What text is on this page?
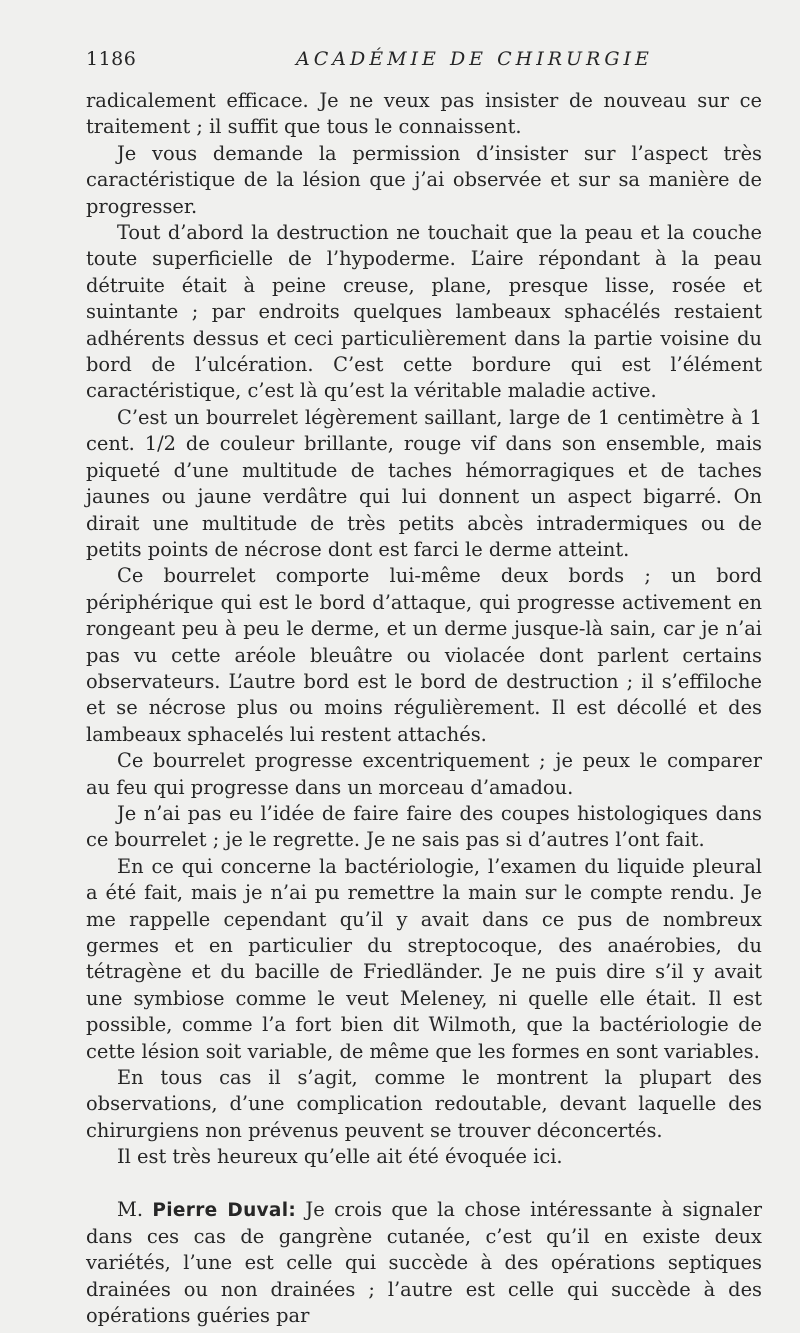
1186	ACADÉMIE DE CHIRURGIE

radicalement efficace. Je ne veux pas insister de nouveau sur ce traitement ; il suffit que tous le connaissent.

Je vous demande la permission d’insister sur l’aspect très caractéristique de la lésion que j’ai observée et sur sa manière de progresser.

Tout d’abord la destruction ne touchait que la peau et la couche toute superficielle de l’hypoderme. L’aire répondant à la peau détruite était à peine creuse, plane, presque lisse, rosée et suintante ; par endroits quelques lambeaux sphacélés restaient adhérents dessus et ceci particulièrement dans la partie voisine du bord de l’ulcération. C’est cette bordure qui est l’élément caractéristique, c’est là qu’est la véritable maladie active.

C’est un bourrelet légèrement saillant, large de 1 centimètre à 1 cent. 1/2 de couleur brillante, rouge vif dans son ensemble, mais piqueté d’une multitude de taches hémorragiques et de taches jaunes ou jaune verdâtre qui lui donnent un aspect bigarré. On dirait une multitude de très petits abcès intradermiques ou de petits points de nécrose dont est farci le derme atteint.

Ce bourrelet comporte lui-même deux bords ; un bord périphérique qui est le bord d’attaque, qui progresse activement en rongeant peu à peu le derme, et un derme jusque-là sain, car je n’ai pas vu cette aréole bleuâtre ou violacée dont parlent certains observateurs. L’autre bord est le bord de destruction ; il s’effiloche et se nécrose plus ou moins régulièrement. Il est décollé et des lambeaux sphacelés lui restent attachés.

Ce bourrelet progresse excentriquement ; je peux le comparer au feu qui progresse dans un morceau d’amadou.

Je n’ai pas eu l’idée de faire faire des coupes histologiques dans ce bourrelet ; je le regrette. Je ne sais pas si d’autres l’ont fait.

En ce qui concerne la bactériologie, l’examen du liquide pleural a été fait, mais je n’ai pu remettre la main sur le compte rendu. Je me rappelle cependant qu’il y avait dans ce pus de nombreux germes et en particulier du streptocoque, des anaérobies, du tétragène et du bacille de Friedländer. Je ne puis dire s’il y avait une symbiose comme le veut Meleney, ni quelle elle était. Il est possible, comme l’a fort bien dit Wilmoth, que la bactériologie de cette lésion soit variable, de même que les formes en sont variables.

En tous cas il s’agit, comme le montrent la plupart des observations, d’une complication redoutable, devant laquelle des chirurgiens non prévenus peuvent se trouver déconcertés.

Il est très heureux qu’elle ait été évoquée ici.

M. Pierre Duval: Je crois que la chose intéressante à signaler dans ces cas de gangrène cutanée, c’est qu’il en existe deux variétés, l’une est celle qui succède à des opérations septiques drainées ou non drainées ; l’autre est celle qui succède à des opérations guéries par
